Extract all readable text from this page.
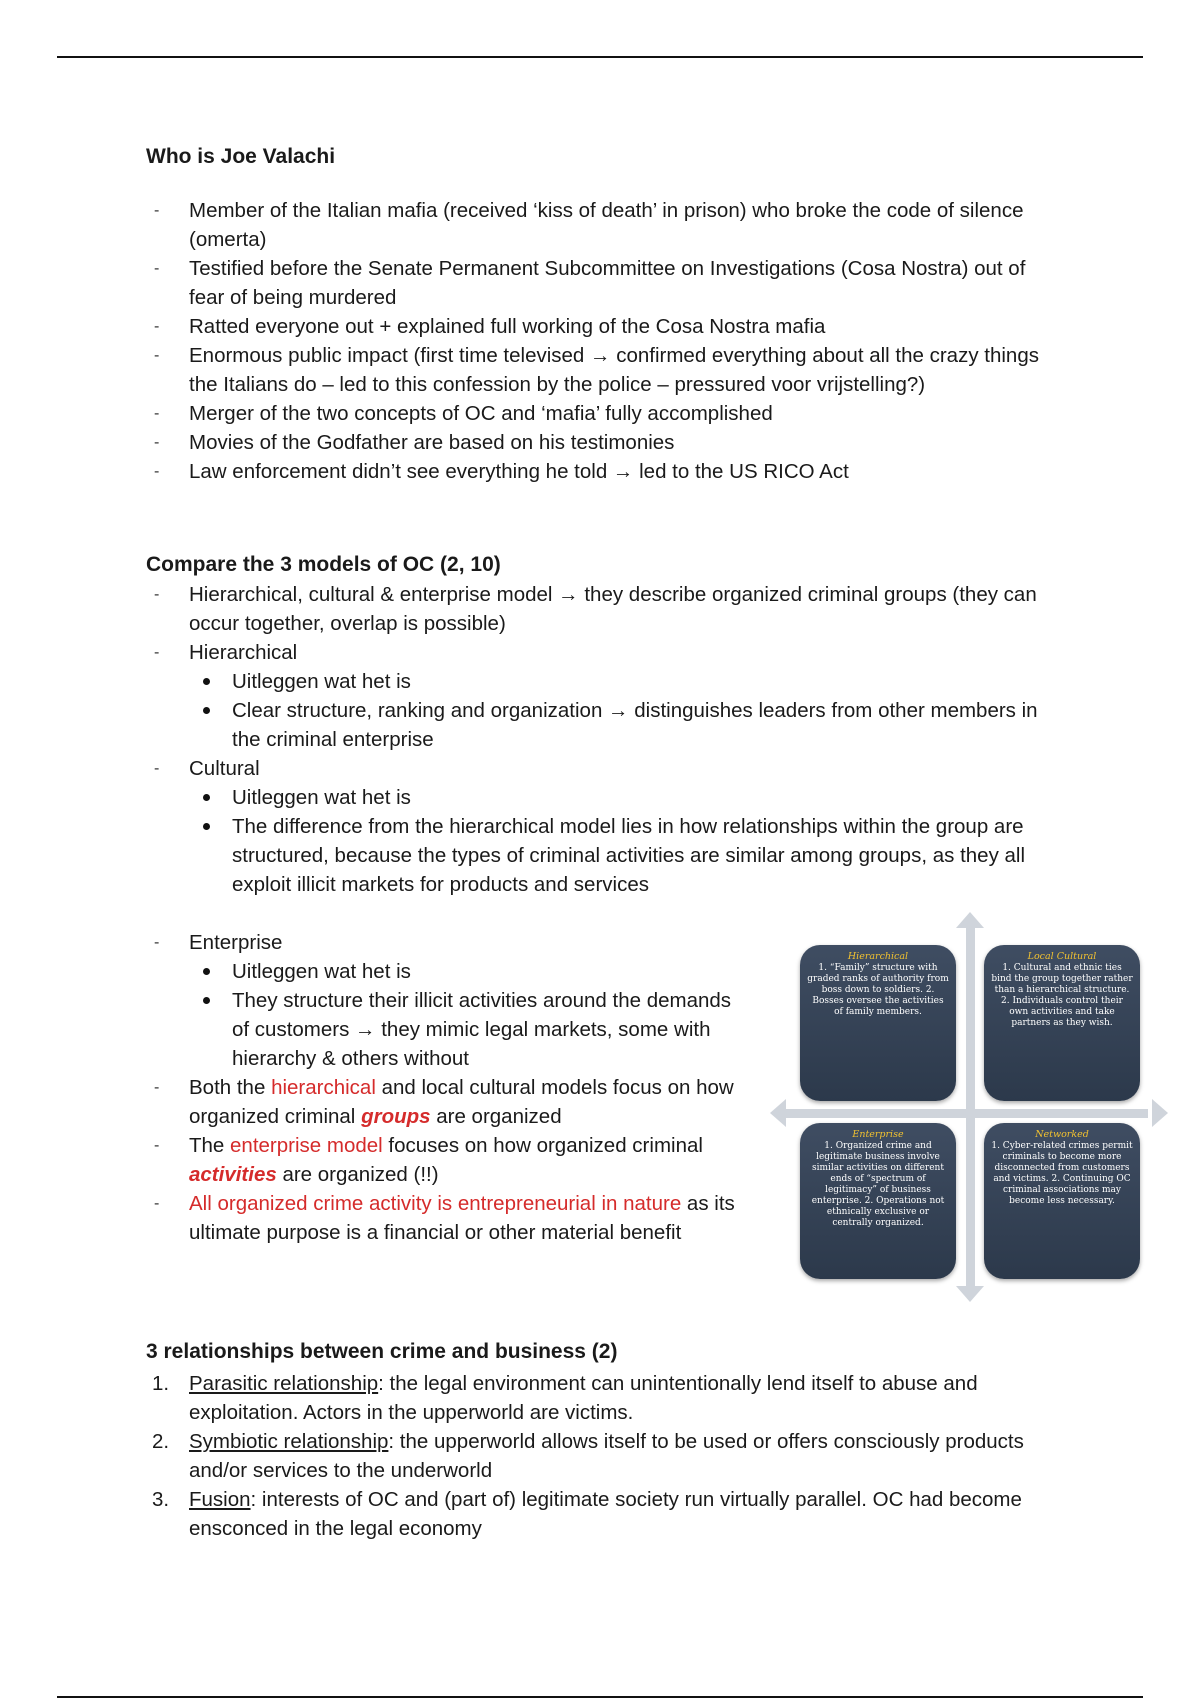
Who is Joe Valachi
- Member of the Italian mafia (received ‘kiss of death’ in prison) who broke the code of silence (omerta)
- Testified before the Senate Permanent Subcommittee on Investigations (Cosa Nostra) out of fear of being murdered
- Ratted everyone out + explained full working of the Cosa Nostra mafia
- Enormous public impact (first time televised → confirmed everything about all the crazy things the Italians do – led to this confession by the police – pressured voor vrijstelling?)
- Merger of the two concepts of OC and ‘mafia’ fully accomplished
- Movies of the Godfather are based on his testimonies
- Law enforcement didn’t see everything he told → led to the US RICO Act
Compare the 3 models of OC (2, 10)
- Hierarchical, cultural & enterprise model → they describe organized criminal groups (they can occur together, overlap is possible)
- Hierarchical
Uitleggen wat het is
Clear structure, ranking and organization → distinguishes leaders from other members in the criminal enterprise
- Cultural
Uitleggen wat het is
The difference from the hierarchical model lies in how relationships within the group are structured, because the types of criminal activities are similar among groups, as they all exploit illicit markets for products and services
- Enterprise
Uitleggen wat het is
They structure their illicit activities around the demands of customers → they mimic legal markets, some with hierarchy & others without
- Both the hierarchical and local cultural models focus on how organized criminal groups are organized
- The enterprise model focuses on how organized criminal activities are organized (!!)
- All organized crime activity is entrepreneurial in nature as its ultimate purpose is a financial or other material benefit
Hierarchical
1. “Family” structure with graded ranks of authority from boss down to soldiers. 2. Bosses oversee the activities of family members.
Local Cultural
1. Cultural and ethnic ties bind the group together rather than a hierarchical structure. 2. Individuals control their own activities and take partners as they wish.
Enterprise
1. Organized crime and legitimate business involve similar activities on different ends of “spectrum of legitimacy” of business enterprise. 2. Operations not ethnically exclusive or centrally organized.
Networked
1. Cyber-related crimes permit criminals to become more disconnected from customers and victims. 2. Continuing OC criminal associations may become less necessary.
3 relationships between crime and business (2)
1. Parasitic relationship: the legal environment can unintentionally lend itself to abuse and exploitation. Actors in the upperworld are victims.
2. Symbiotic relationship: the upperworld allows itself to be used or offers consciously products and/or services to the underworld
3. Fusion: interests of OC and (part of) legitimate society run virtually parallel. OC had become ensconced in the legal economy
